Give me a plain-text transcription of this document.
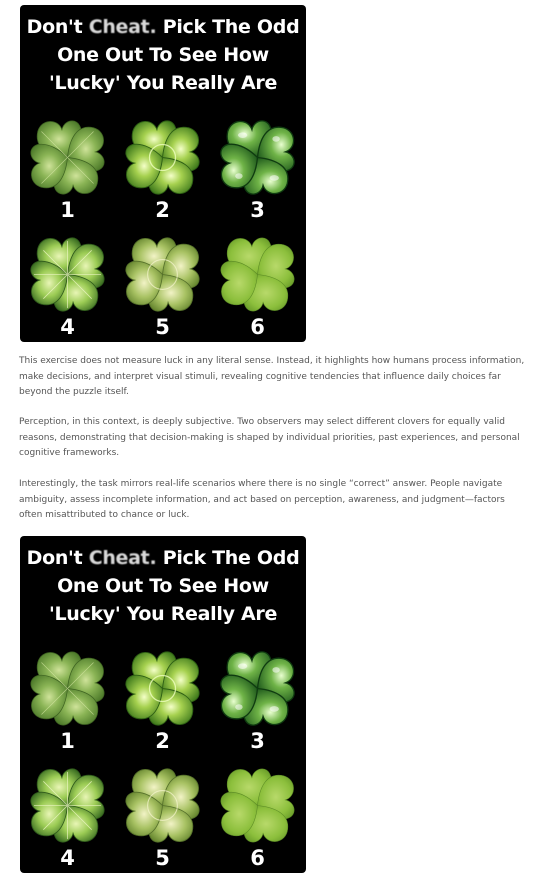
Don't Cheat. Pick The Odd
One Out To See How
'Lucky' You Really Are
1	2	3
4	5	6

This exercise does not measure luck in any literal sense. Instead, it highlights how humans process information, make decisions, and interpret visual stimuli, revealing cognitive tendencies that influence daily choices far beyond the puzzle itself.

Perception, in this context, is deeply subjective. Two observers may select different clovers for equally valid reasons, demonstrating that decision-making is shaped by individual priorities, past experiences, and personal cognitive frameworks.

Interestingly, the task mirrors real-life scenarios where there is no single “correct” answer. People navigate ambiguity, assess incomplete information, and act based on perception, awareness, and judgment—factors often misattributed to chance or luck.

Don't Cheat. Pick The Odd
One Out To See How
'Lucky' You Really Are
1	2	3
4	5	6
